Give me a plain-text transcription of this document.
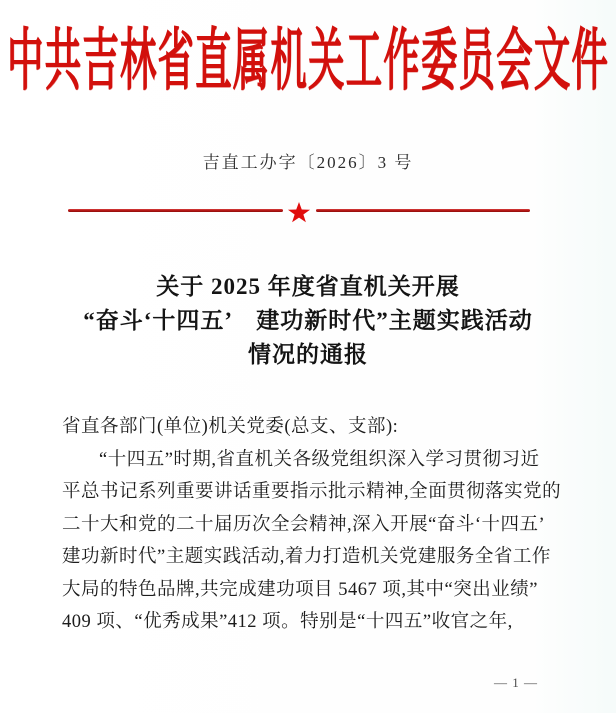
中共吉林省直属机关工作委员会文件
吉直工办字〔2026〕3 号
关于 2025 年度省直机关开展
“奋斗‘十四五’　建功新时代”主题实践活动
情况的通报
省直各部门(单位)机关党委(总支、支部):
“十四五”时期,省直机关各级党组织深入学习贯彻习近
平总书记系列重要讲话重要指示批示精神,全面贯彻落实党的
二十大和党的二十届历次全会精神,深入开展“奋斗‘十四五’
建功新时代”主题实践活动,着力打造机关党建服务全省工作
大局的特色品牌,共完成建功项目 5467 项,其中“突出业绩”
409 项、“优秀成果”412 项。特别是“十四五”收官之年,
— 1 —
